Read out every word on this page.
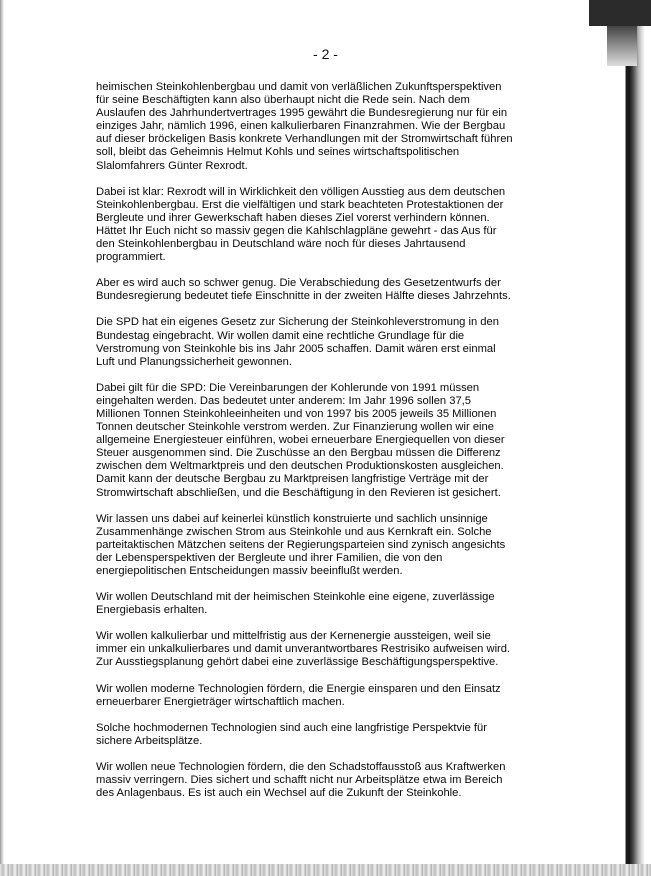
- 2 -

heimischen Steinkohlenbergbau und damit von verläßlichen Zukunftsperspektiven für seine Beschäftigten kann also überhaupt nicht die Rede sein. Nach dem Auslaufen des Jahrhundertvertrages 1995 gewährt die Bundesregierung nur für ein einziges Jahr, nämlich 1996, einen kalkulierbaren Finanzrahmen. Wie der Bergbau auf dieser bröckeligen Basis konkrete Verhandlungen mit der Stromwirtschaft führen soll, bleibt das Geheimnis Helmut Kohls und seines wirtschaftspolitischen Slalomfahrers Günter Rexrodt.

Dabei ist klar: Rexrodt will in Wirklichkeit den völligen Ausstieg aus dem deutschen Steinkohlenbergbau. Erst die vielfältigen und stark beachteten Protestaktionen der Bergleute und ihrer Gewerkschaft haben dieses Ziel vorerst verhindern können. Hättet Ihr Euch nicht so massiv gegen die Kahlschlagpläne gewehrt - das Aus für den Steinkohlenbergbau in Deutschland wäre noch für dieses Jahrtausend programmiert.

Aber es wird auch so schwer genug. Die Verabschiedung des Gesetzentwurfs der Bundesregierung bedeutet tiefe Einschnitte in der zweiten Hälfte dieses Jahrzehnts.

Die SPD hat ein eigenes Gesetz zur Sicherung der Steinkohleverstromung in den Bundestag eingebracht. Wir wollen damit eine rechtliche Grundlage für die Verstromung von Steinkohle bis ins Jahr 2005 schaffen. Damit wären erst einmal Luft und Planungssicherheit gewonnen.

Dabei gilt für die SPD: Die Vereinbarungen der Kohlerunde von 1991 müssen eingehalten werden. Das bedeutet unter anderem: Im Jahr 1996 sollen 37,5 Millionen Tonnen Steinkohleeinheiten und von 1997 bis 2005 jeweils 35 Millionen Tonnen deutscher Steinkohle verstrom werden. Zur Finanzierung wollen wir eine allgemeine Energiesteuer einführen, wobei erneuerbare Energiequellen von dieser Steuer ausgenommen sind. Die Zuschüsse an den Bergbau müssen die Differenz zwischen dem Weltmarktpreis und den deutschen Produktionskosten ausgleichen. Damit kann der deutsche Bergbau zu Marktpreisen langfristige Verträge mit der Stromwirtschaft abschließen, und die Beschäftigung in den Revieren ist gesichert.

Wir lassen uns dabei auf keinerlei künstlich konstruierte und sachlich unsinnige Zusammenhänge zwischen Strom aus Steinkohle und aus Kernkraft ein. Solche parteitaktischen Mätzchen seitens der Regierungsparteien sind zynisch angesichts der Lebensperspektiven der Bergleute und ihrer Familien, die von den energiepolitischen Entscheidungen massiv beeinflußt werden.

Wir wollen Deutschland mit der heimischen Steinkohle eine eigene, zuverlässige Energiebasis erhalten.

Wir wollen kalkulierbar und mittelfristig aus der Kernenergie aussteigen, weil sie immer ein unkalkulierbares und damit unverantwortbares Restrisiko aufweisen wird. Zur Ausstiegsplanung gehört dabei eine zuverlässige Beschäftigungsperspektive.

Wir wollen moderne Technologien fördern, die Energie einsparen und den Einsatz erneuerbarer Energieträger wirtschaftlich machen.

Solche hochmodernen Technologien sind auch eine langfristige Perspektvie für sichere Arbeitsplätze.

Wir wollen neue Technologien fördern, die den Schadstoffausstoß aus Kraftwerken massiv verringern. Dies sichert und schafft nicht nur Arbeitsplätze etwa im Bereich des Anlagenbaus. Es ist auch ein Wechsel auf die Zukunft der Steinkohle.
